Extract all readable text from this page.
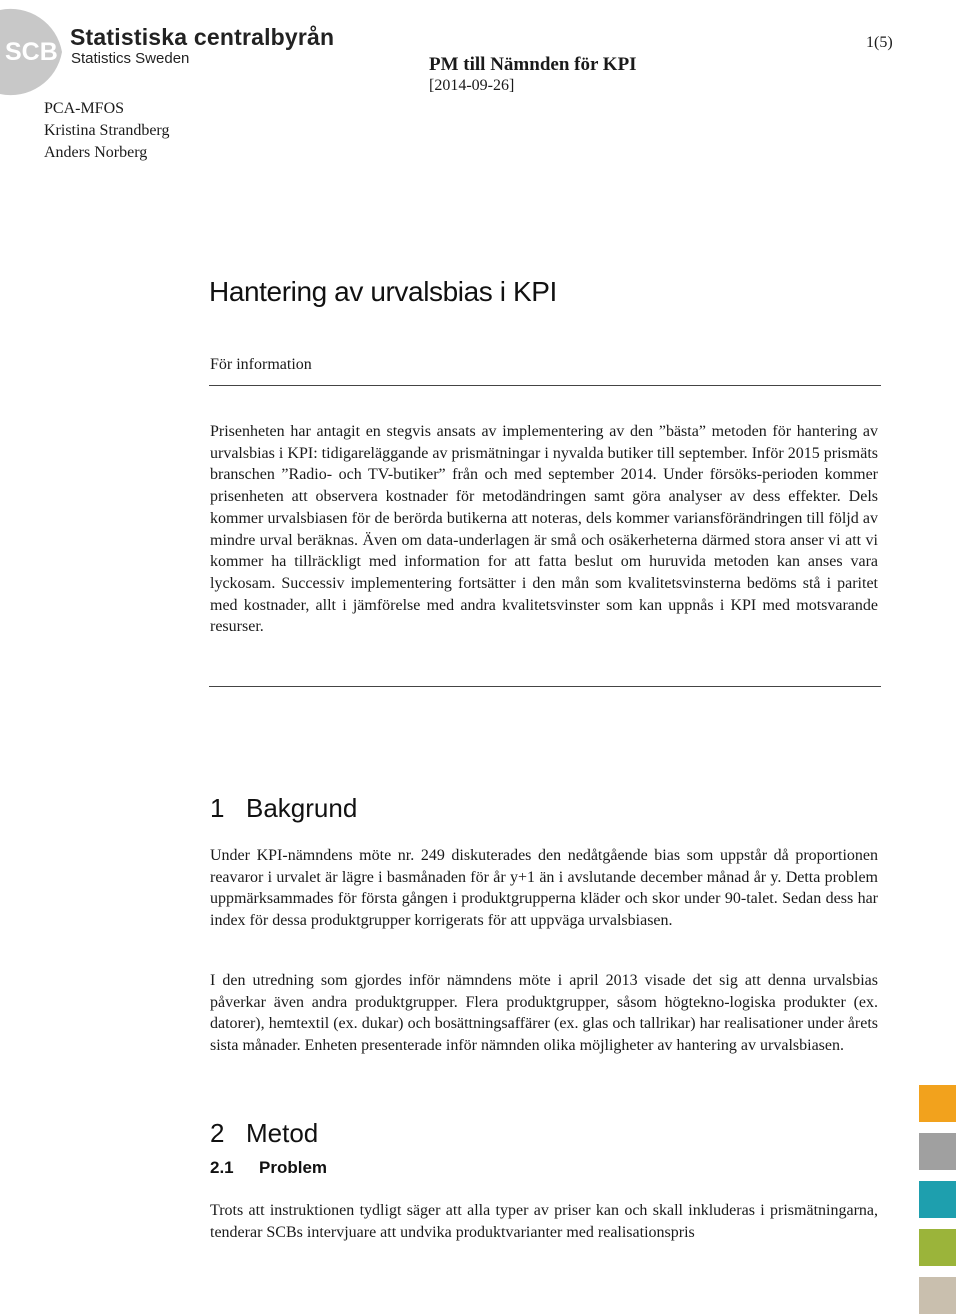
SCB
Statistiska centralbyrån
Statistics Sweden
1(5)
PM till Nämnden för KPI
[2014-09-26]
PCA-MFOS
Kristina Strandberg
Anders Norberg
Hantering av urvalsbias i KPI
För information
Prisenheten har antagit en stegvis ansats av implementering av den ”bästa” metoden för hantering av urvalsbias i KPI: tidigareläggande av prismätningar i nyvalda butiker till september. Inför 2015 prismäts branschen ”Radio- och TV-butiker” från och med september 2014. Under försöks-perioden kommer prisenheten att observera kostnader för metodändringen samt göra analyser av dess effekter. Dels kommer urvalsbiasen för de berörda butikerna att noteras, dels kommer variansförändringen till följd av mindre urval beräknas. Även om data-underlagen är små och osäkerheterna därmed stora anser vi att vi kommer ha tillräckligt med information for att fatta beslut om huruvida metoden kan anses vara lyckosam. Successiv implementering fortsätter i den mån som kvalitetsvinsterna bedöms stå i paritet med kostnader, allt i jämförelse med andra kvalitetsvinster som kan uppnås i KPI med motsvarande resurser.
1 Bakgrund
Under KPI-nämndens möte nr. 249 diskuterades den nedåtgående bias som uppstår då proportionen reavaror i urvalet är lägre i basmånaden för år y+1 än i avslutande december månad år y. Detta problem uppmärksammades för första gången i produktgrupperna kläder och skor under 90-talet. Sedan dess har index för dessa produktgrupper korrigerats för att uppväga urvalsbiasen.
I den utredning som gjordes inför nämndens möte i april 2013 visade det sig att denna urvalsbias påverkar även andra produktgrupper. Flera produktgrupper, såsom högtekno-logiska produkter (ex. datorer), hemtextil (ex. dukar) och bosättningsaffärer (ex. glas och tallrikar) har realisationer under årets sista månader. Enheten presenterade inför nämnden olika möjligheter av hantering av urvalsbiasen.
2 Metod
2.1 Problem
Trots att instruktionen tydligt säger att alla typer av priser kan och skall inkluderas i prismätningarna, tenderar SCBs intervjuare att undvika produktvarianter med realisationspris
